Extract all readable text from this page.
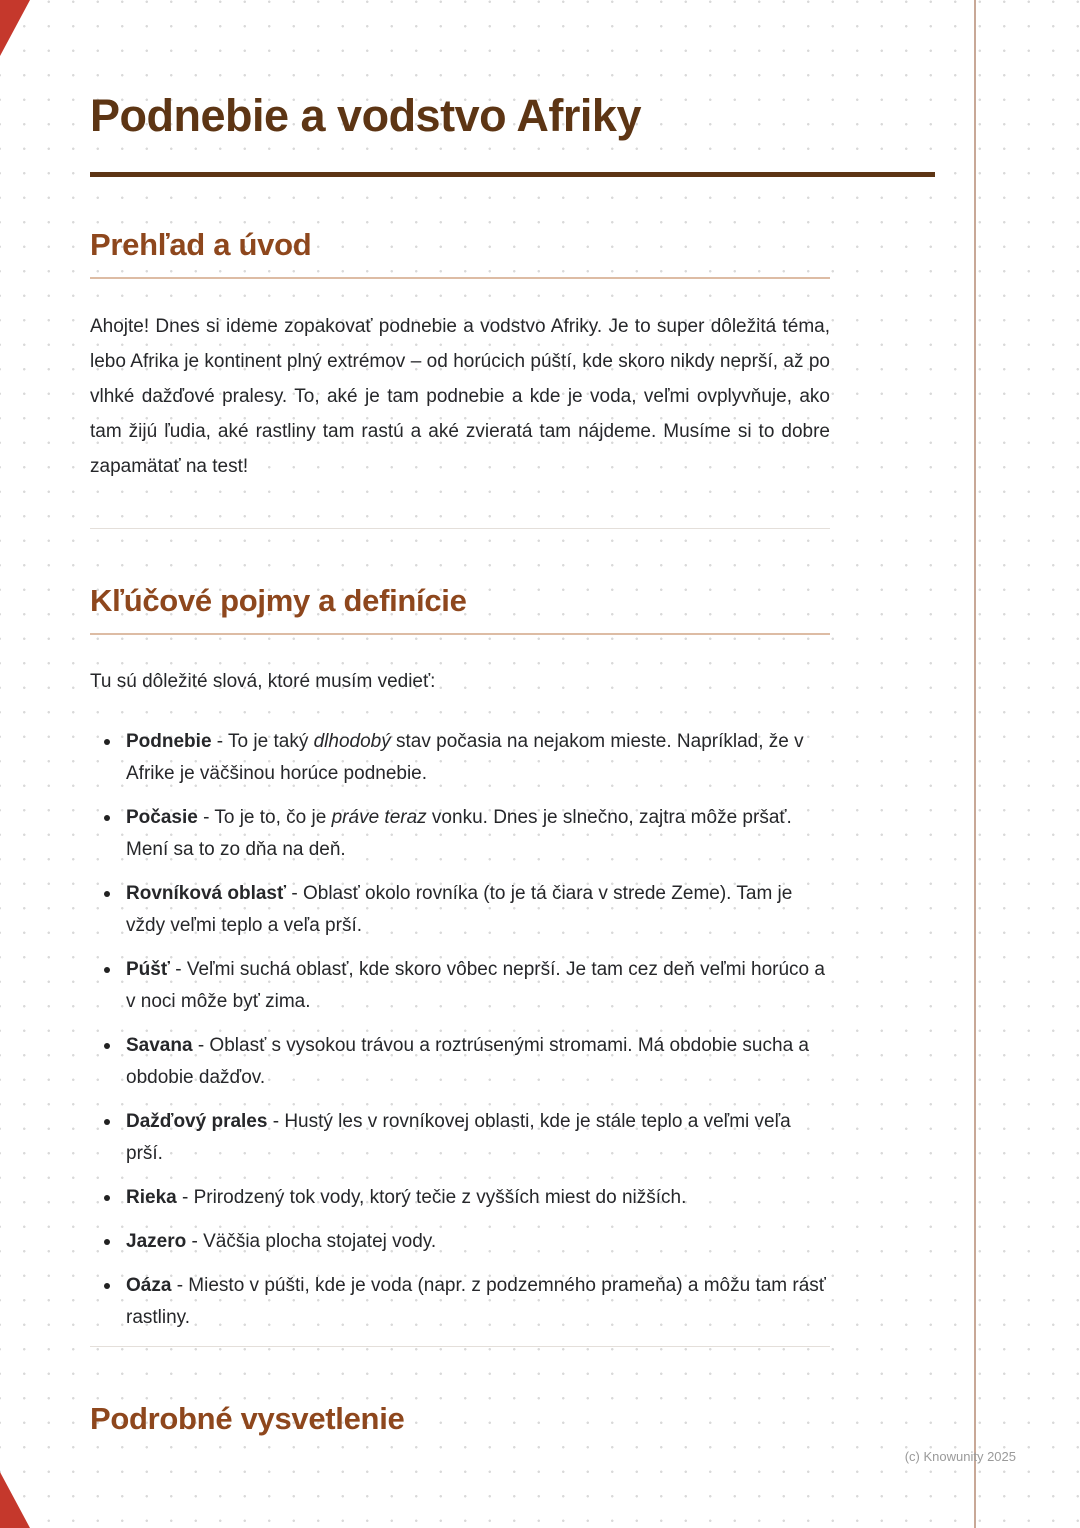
Podnebie a vodstvo Afriky
Prehľad a úvod

Ahojte! Dnes si ideme zopakovať podnebie a vodstvo Afriky. Je to super dôležitá téma, lebo Afrika je kontinent plný extrémov – od horúcich púští, kde skoro nikdy neprší, až po vlhké dažďové pralesy. To, aké je tam podnebie a kde je voda, veľmi ovplyvňuje, ako tam žijú ľudia, aké rastliny tam rastú a aké zvieratá tam nájdeme. Musíme si to dobre zapamätať na test!

Kľúčové pojmy a definície

Tu sú dôležité slová, ktoré musím vedieť:

Podnebie - To je taký dlhodobý stav počasia na nejakom mieste. Napríklad, že v Afrike je väčšinou horúce podnebie.
Počasie - To je to, čo je práve teraz vonku. Dnes je slnečno, zajtra môže pršať. Mení sa to zo dňa na deň.
Rovníková oblasť - Oblasť okolo rovníka (to je tá čiara v strede Zeme). Tam je vždy veľmi teplo a veľa prší.
Púšť - Veľmi suchá oblasť, kde skoro vôbec neprší. Je tam cez deň veľmi horúco a v noci môže byť zima.
Savana - Oblasť s vysokou trávou a roztrúsenými stromami. Má obdobie sucha a obdobie dažďov.
Dažďový prales - Hustý les v rovníkovej oblasti, kde je stále teplo a veľmi veľa prší.
Rieka - Prirodzený tok vody, ktorý tečie z vyšších miest do nižších.
Jazero - Väčšia plocha stojatej vody.
Oáza - Miesto v púšti, kde je voda (napr. z podzemného prameňa) a môžu tam rásť rastliny.
Podrobné vysvetlenie
(c) Knowunity 2025
